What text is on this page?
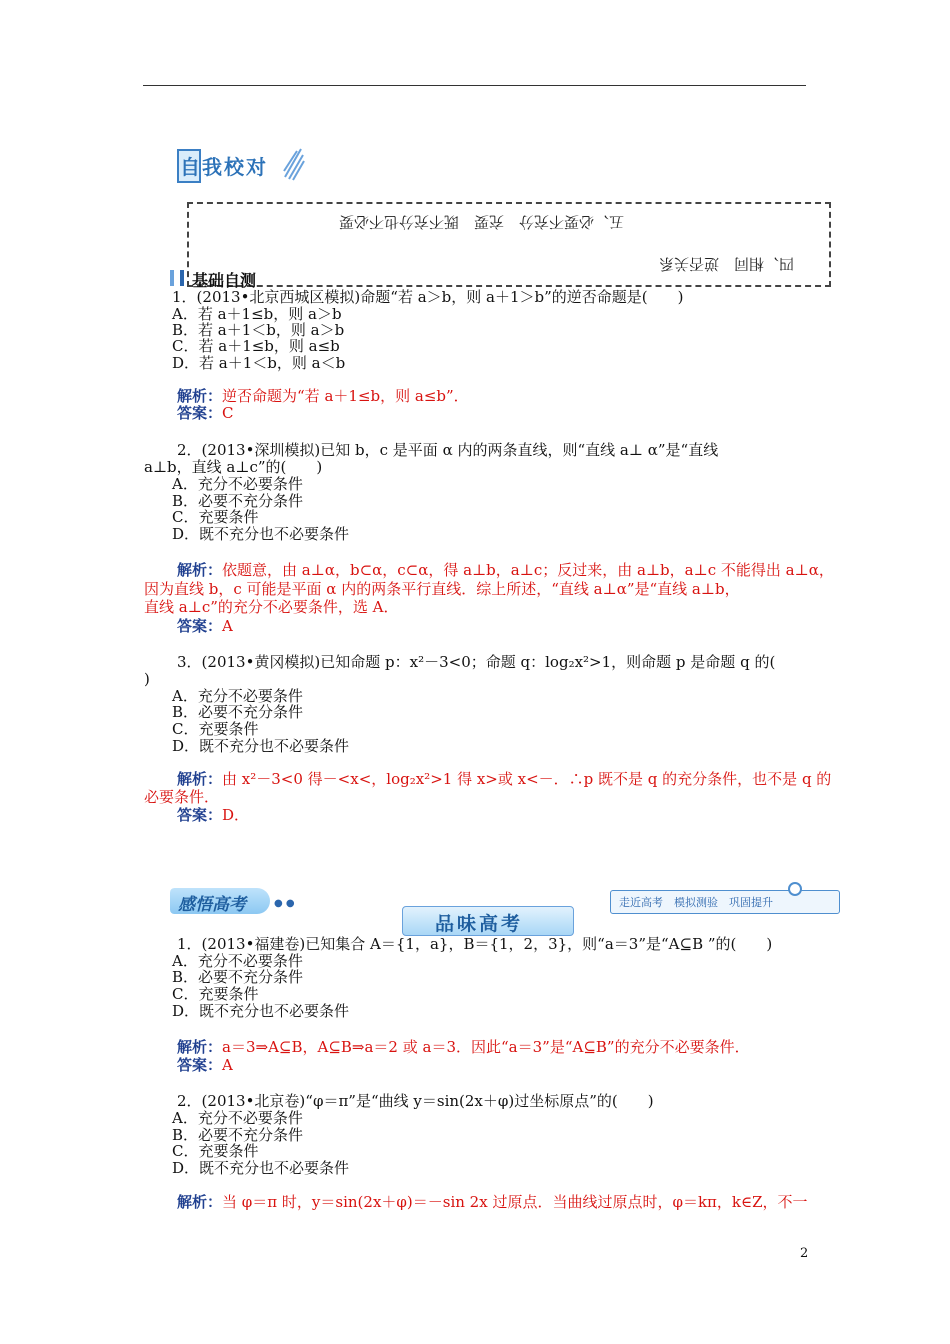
自我校对
五、必要不充分　充要　既不充分也不必要
四、相同　逆否关系
基础自测
1．(2013•北京西城区模拟)命题“若 a＞b，则 a＋1＞b”的逆否命题是(　　)
A．若 a＋1≤b，则 a＞b
B．若 a＋1＜b，则 a＞b
C．若 a＋1≤b，则 a≤b
D．若 a＋1＜b，则 a＜b
解析：逆否命题为“若 a＋1≤b，则 a≤b”．
答案：C
2．(2013•深圳模拟)已知 b，c 是平面 α 内的两条直线，则“直线 a⊥ α”是“直线
a⊥b，直线 a⊥c”的(　　)
A．充分不必要条件
B．必要不充分条件
C．充要条件
D．既不充分也不必要条件
解析：依题意，由 a⊥α，b⊂α，c⊂α，得 a⊥b，a⊥c；反过来，由 a⊥b，a⊥c 不能得出 a⊥α，
因为直线 b，c 可能是平面 α 内的两条平行直线．综上所述，“直线 a⊥α”是“直线 a⊥b，
直线 a⊥c”的充分不必要条件，选 A．
答案：A
3．(2013•黄冈模拟)已知命题 p：x²－3<0；命题 q：log₂x²>1，则命题 p 是命题 q 的(
)
A．充分不必要条件
B．必要不充分条件
C．充要条件
D．既不充分也不必要条件
解析：由 x²－3<0 得－<x<，log₂x²>1 得 x>或 x<－．∴p 既不是 q 的充分条件，也不是 q 的
必要条件．
答案：D．
感悟高考	● ●	走近高考　模拟测验　巩固提升
品味高考
1．(2013•福建卷)已知集合 A＝{1，a}，B＝{1，2，3}，则“a＝3”是“A⊆B ”的(　　)
A．充分不必要条件
B．必要不充分条件
C．充要条件
D．既不充分也不必要条件
解析：a＝3⇒A⊆B，A⊆B⇒a＝2 或 a＝3．因此“a＝3”是“A⊆B”的充分不必要条件．
答案：A
2．(2013•北京卷)“φ＝π”是“曲线 y＝sin(2x＋φ)过坐标原点”的(　　)
A．充分不必要条件
B．必要不充分条件
C．充要条件
D．既不充分也不必要条件
解析：当 φ＝π 时，y＝sin(2x＋φ)＝－sin 2x 过原点．当曲线过原点时，φ＝kπ，k∈Z，不一
2
